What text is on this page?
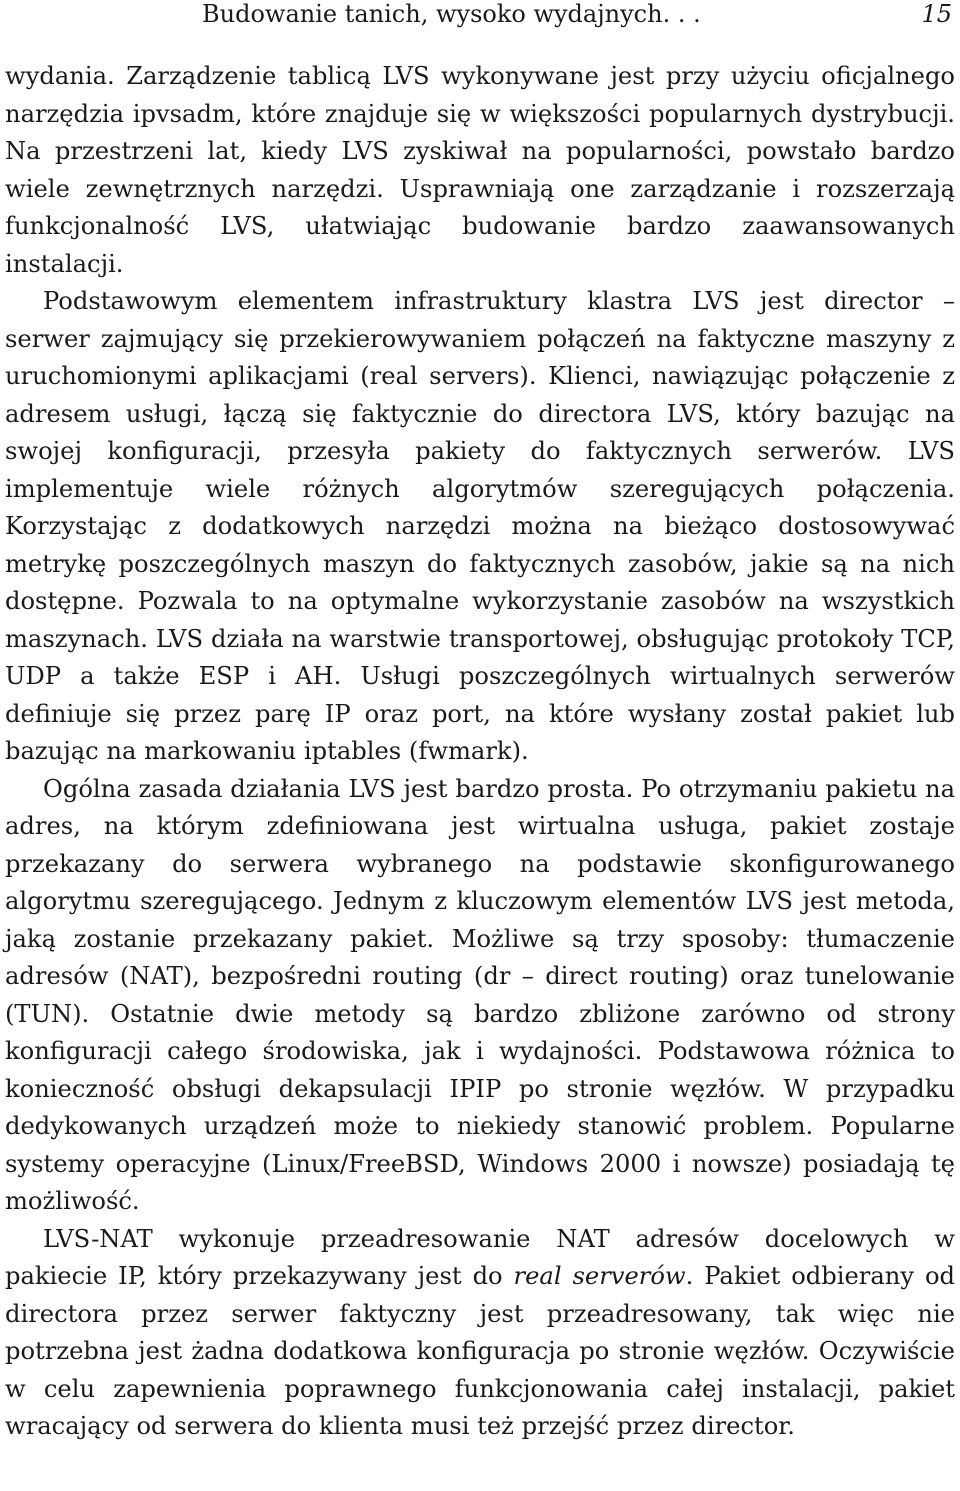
Budowanie tanich, wysoko wydajnych. . .	15

wydania. Zarządzenie tablicą LVS wykonywane jest przy użyciu oficjalnego narzędzia ipvsadm, które znajduje się w większości popularnych dystrybucji. Na przestrzeni lat, kiedy LVS zyskiwał na popularności, powstało bardzo wiele zewnętrznych narzędzi. Usprawniają one zarządzanie i rozszerzają funkcjonalność LVS, ułatwiając budowanie bardzo zaawansowanych instalacji.

Podstawowym elementem infrastruktury klastra LVS jest director – serwer zajmujący się przekierowywaniem połączeń na faktyczne maszyny z uruchomionymi aplikacjami (real servers). Klienci, nawiązując połączenie z adresem usługi, łączą się faktycznie do directora LVS, który bazując na swojej konfiguracji, przesyła pakiety do faktycznych serwerów. LVS implementuje wiele różnych algorytmów szeregujących połączenia. Korzystając z dodatkowych narzędzi można na bieżąco dostosowywać metrykę poszczególnych maszyn do faktycznych zasobów, jakie są na nich dostępne. Pozwala to na optymalne wykorzystanie zasobów na wszystkich maszynach. LVS działa na warstwie transportowej, obsługując protokoły TCP, UDP a także ESP i AH. Usługi poszczególnych wirtualnych serwerów definiuje się przez parę IP oraz port, na które wysłany został pakiet lub bazując na markowaniu iptables (fwmark).

Ogólna zasada działania LVS jest bardzo prosta. Po otrzymaniu pakietu na adres, na którym zdefiniowana jest wirtualna usługa, pakiet zostaje przekazany do serwera wybranego na podstawie skonfigurowanego algorytmu szeregującego. Jednym z kluczowym elementów LVS jest metoda, jaką zostanie przekazany pakiet. Możliwe są trzy sposoby: tłumaczenie adresów (NAT), bezpośredni routing (dr – direct routing) oraz tunelowanie (TUN). Ostatnie dwie metody są bardzo zbliżone zarówno od strony konfiguracji całego środowiska, jak i wydajności. Podstawowa różnica to konieczność obsługi dekapsulacji IPIP po stronie węzłów. W przypadku dedykowanych urządzeń może to niekiedy stanowić problem. Popularne systemy operacyjne (Linux/FreeBSD, Windows 2000 i nowsze) posiadają tę możliwość.

LVS-NAT wykonuje przeadresowanie NAT adresów docelowych w pakiecie IP, który przekazywany jest do real serverów. Pakiet odbierany od directora przez serwer faktyczny jest przeadresowany, tak więc nie potrzebna jest żadna dodatkowa konfiguracja po stronie węzłów. Oczywiście w celu zapewnienia poprawnego funkcjonowania całej instalacji, pakiet wracający od serwera do klienta musi też przejść przez director.
